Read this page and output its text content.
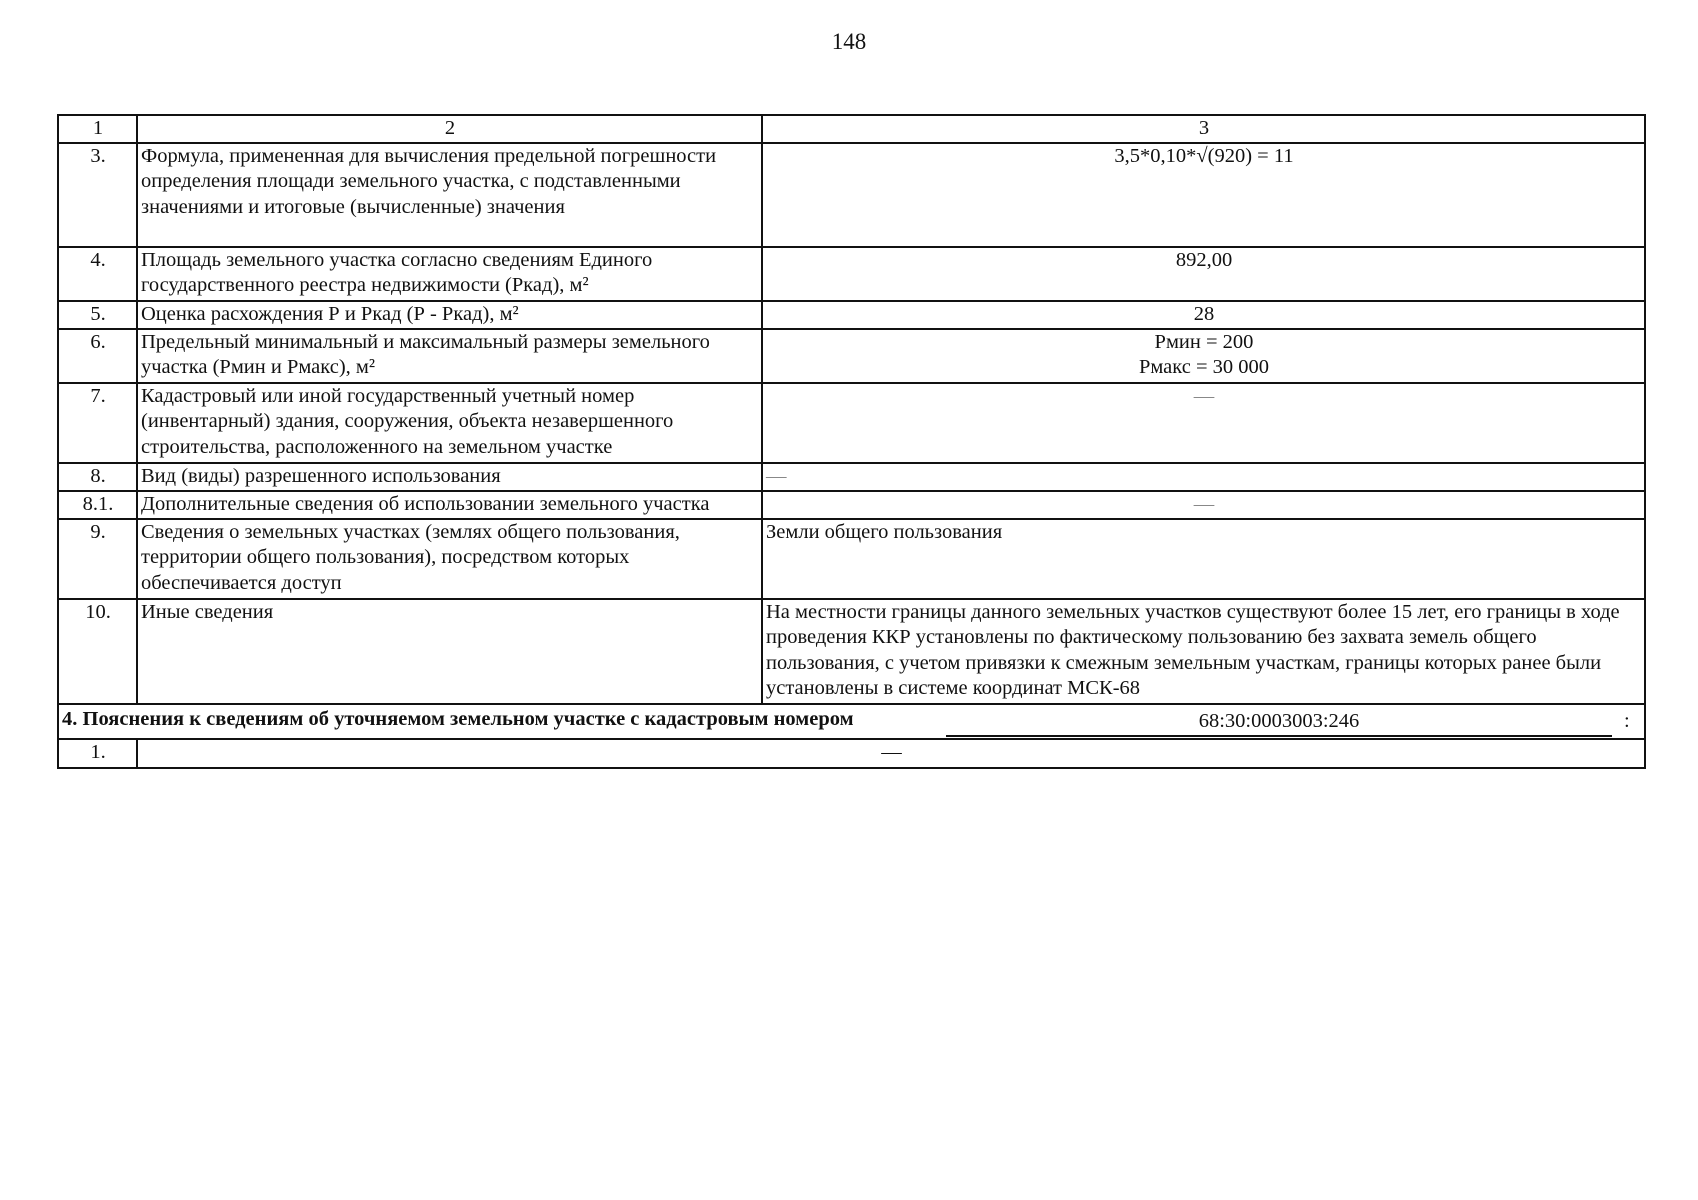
148
1	2	3
3.	Формула, примененная для вычисления предельной погрешности определения площади земельного участка, с подставленными значениями и итоговые (вычисленные) значения	3,5*0,10*√(920) = 11
4.	Площадь земельного участка согласно сведениям Единого государственного реестра недвижимости (Ркад), м²	892,00
5.	Оценка расхождения Р и Ркад (Р - Ркад), м²	28
6.	Предельный минимальный и максимальный размеры земельного участка (Рмин и Рмакс), м²	Рмин = 200
Рмакс = 30 000

7.	Кадастровый или иной государственный учетный номер (инвентарный) здания, сооружения, объекта незавершенного строительства, расположенного на земельном участке	—
8.	Вид (виды) разрешенного использования	—
8.1.	Дополнительные сведения об использовании земельного участка	—
9.	Сведения о земельных участках (землях общего пользования, территории общего пользования), посредством которых обеспечивается доступ	Земли общего пользования
10.	Иные сведения	На местности границы данного земельных участков существуют более 15 лет, его границы в ходе проведения ККР установлены по фактическому пользованию без захвата земель общего пользования, с учетом привязки к смежным земельным участкам, границы которых ранее были установлены в системе координат МСК-68

4. Пояснения к сведениям об уточняемом земельном участке с кадастровым номером 68:30:0003003:246 :		

1.	—	
